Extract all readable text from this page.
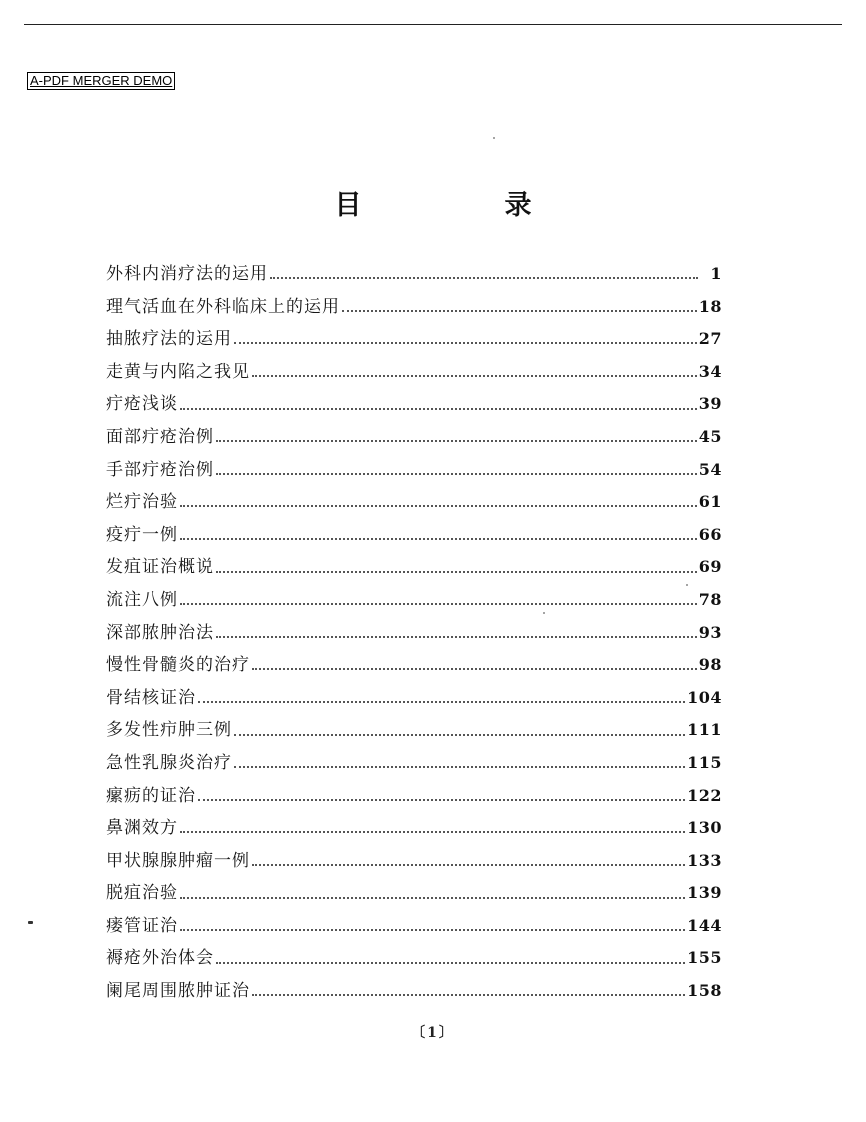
A-PDF MERGER DEMO
目　录
外科内消疗法的运用	1
理气活血在外科临床上的运用	18
抽脓疗法的运用	27
走黄与内陷之我见	34
疔疮浅谈	39
面部疔疮治例	45
手部疔疮治例	54
烂疔治验	61
疫疔一例	66
发疽证治概说	69
流注八例	78
深部脓肿治法	93
慢性骨髓炎的治疗	98
骨结核证治	104
多发性疖肿三例	111
急性乳腺炎治疗	115
瘰疬的证治	122
鼻渊效方	130
甲状腺腺肿瘤一例	133
脱疽治验	139
瘘管证治	144
褥疮外治体会	155
阑尾周围脓肿证治	158
〔1〕
